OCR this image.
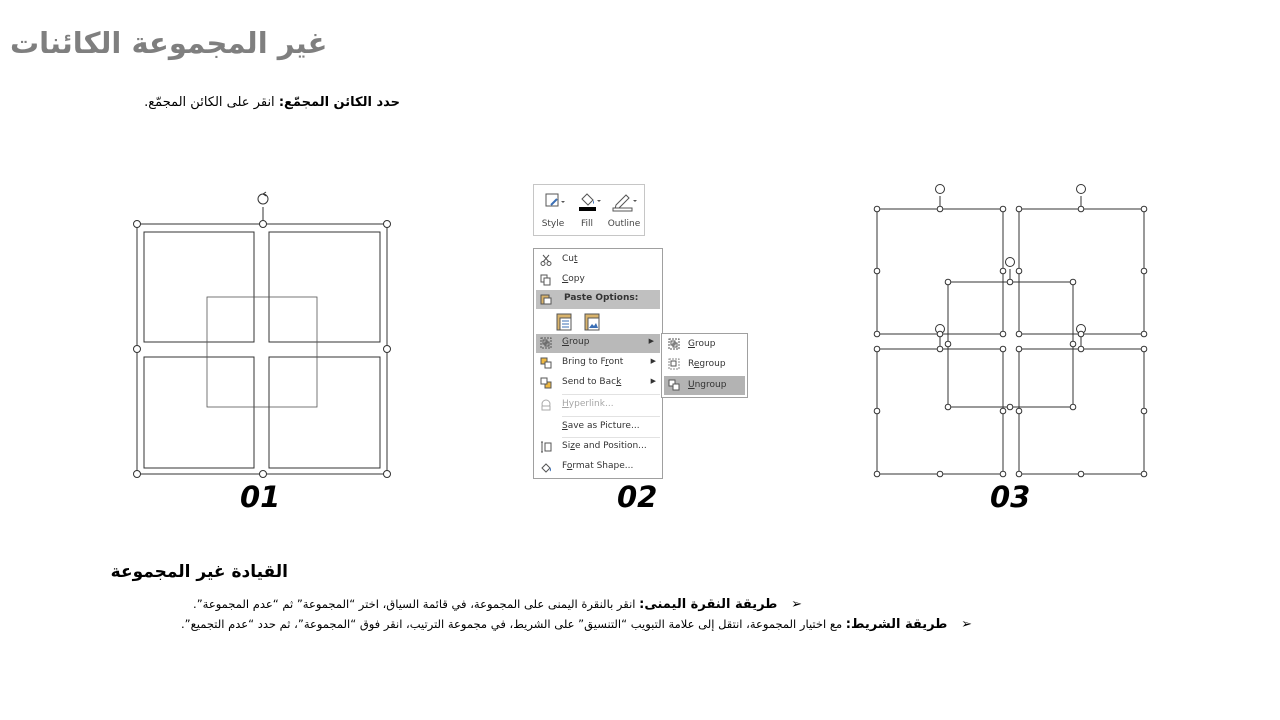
غير المجموعة الكائنات
حدد الكائن المجمّع: انقر على الكائن المجمّع.
01
Style	Fill	Outline
Cut
Copy
Paste Options:
Group	▶
Bring to Front	▶
Send to Back	▶
Hyperlink...
Save as Picture...
Size and Position...
Format Shape...
Group
Regroup
Ungroup
02	03
القيادة غير المجموعة
➢ طريقة النقرة اليمنى: انقر بالنقرة اليمنى على المجموعة، في قائمة السياق، اختر “المجموعة” ثم “عدم المجموعة”.
➢ طريقة الشريط: مع اختيار المجموعة، انتقل إلى علامة التبويب “التنسيق” على الشريط، في مجموعة الترتيب، انقر فوق “المجموعة”، ثم حدد “عدم التجميع”.
